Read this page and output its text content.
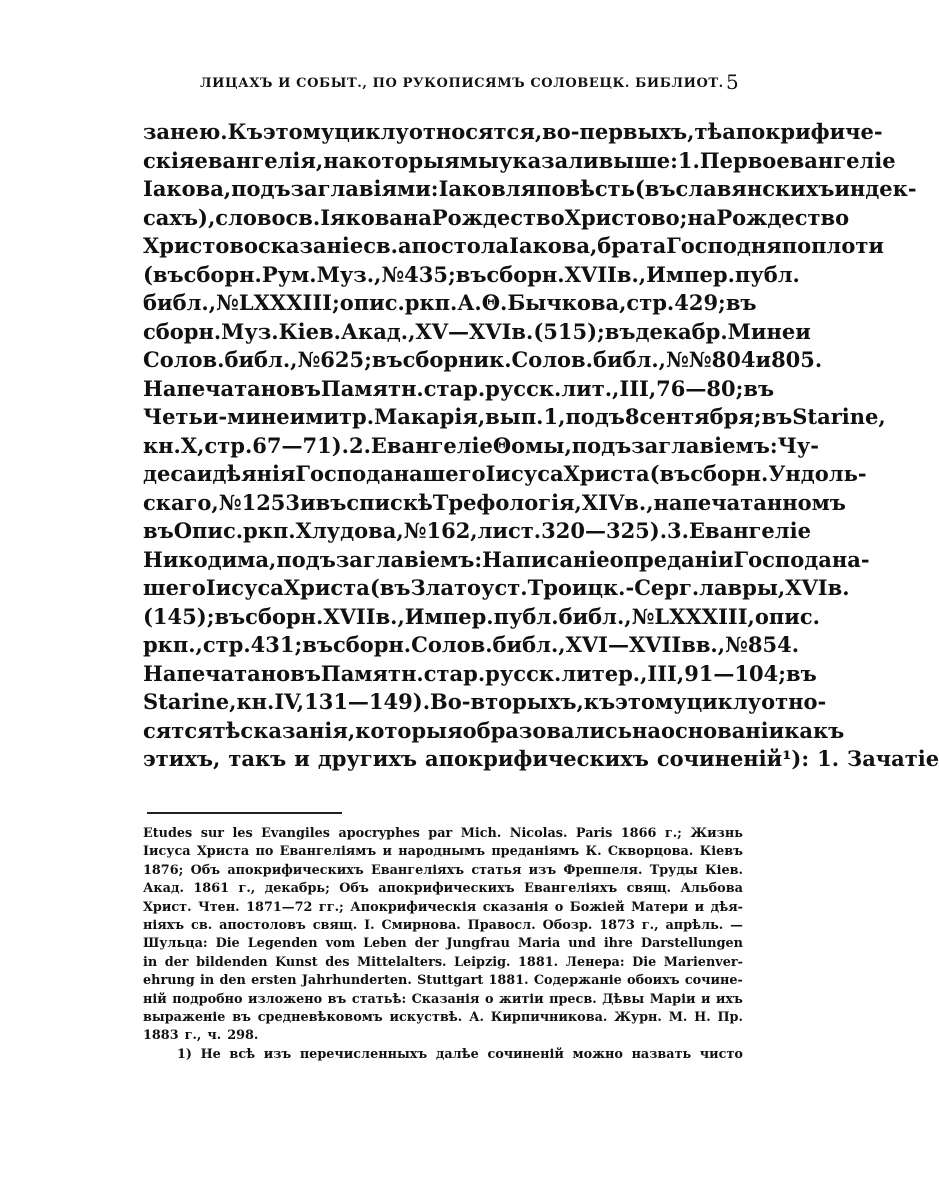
ЛИЦАХЪ И СОБЫТ., ПО РУКОПИСЯМЪ СОЛОВЕЦК. БИБЛИОТ. 5
за нею. Къ этому циклу относятся, во-первыхъ, тѣ апокрифиче-
скія евангелія, на которыя мы указали выше: 1. Первоевангеліе
Іакова, подъ заглавіями: Іаковля повѣсть (въ славянскихъ индек-
сахъ), слово св. Іякова на Рождество Христово; на Рождество
Христово сказаніе св. апостола Іакова, брата Господня по плоти
(въ сборн. Рум. Муз., № 435; въ сборн. XVII в., Импер. публ.
библ., № LXXXIII; опис. ркп. А. Θ. Бычкова, стр. 429; въ
сборн. Муз. Кіев. Акад., XV—XVI в. (515); въ декабр. Минеи
Солов. библ., № 625; въ сборник. Солов. библ., №№ 804 и 805.
Напечатано въ Памятн. стар. русск. лит., III, 76—80; въ
Четьи-минеи митр. Макарія, вып. 1, подъ 8 сентября; въ Starine,
кн. X, стр. 67—71). 2. Евангеліе Θомы, подъ заглавіемъ: Чу-
деса и дѣянія Господа нашего Іисуса Христа (въ сборн. Ундоль-
скаго, № 1253 и въ спискѣ Трефологія, XIV в., напечатанномъ
въ Опис. ркп. Хлудова, № 162, лист. 320—325). 3. Евангеліе
Никодима, подъ заглавіемъ: Написаніе о преданіи Господа на-
шего Іисуса Христа (въ Златоуст. Троицк.-Серг. лавры, XVI в.
(145); въ сборн. XVII в., Импер. публ. библ., № LXXXIII, опис.
ркп., стр. 431; въ сборн. Солов. библ., XVI—XVII вв., № 854.
Напечатано въ Памятн. стар. русск. литер., III, 91—104; въ
Starine, кн. IV, 131—149). Во-вторыхъ, къ этому циклу отно-
сятся тѣ сказанія, которыя образовались на основаніи какъ
этихъ, такъ и другихъ апокрифическихъ сочиненій¹): 1. Зачатіе
Etudes sur les Evangiles apocryphes par Mich. Nicolas. Paris 1866 г.; Жизнь
Іисуса Христа по Евангеліямъ и народнымъ преданіямъ К. Скворцова. Кіевъ
1876; Объ апокрифическихъ Евангеліяхъ статья изъ Фреппеля. Труды Кіев.
Акад. 1861 г., декабрь; Объ апокрифическихъ Евангеліяхъ свящ. Альбова
Христ. Чтен. 1871—72 гг.; Апокрифическія сказанія о Божіей Матери и дѣя-
ніяхъ св. апостоловъ свящ. І. Смирнова. Правосл. Обозр. 1873 г., апрѣль. —
Шульца: Die Legenden vom Leben der Jungfrau Maria und ihre Darstellungen
in der bildenden Kunst des Mittelalters. Leipzig. 1881. Ленера: Die Marienver-
ehrung in den ersten Jahrhunderten. Stuttgart 1881. Содержаніе обоихъ сочине-
ній подробно изложено въ статьѣ: Сказанія о житіи пресв. Дѣвы Маріи и ихъ
выраженіе въ средневѣковомъ искуствѣ. А. Кирпичникова. Журн. М. Н. Пр.
1883 г., ч. 298.
1) Не всѣ изъ перечисленныхъ далѣе сочиненій можно назвать чисто
